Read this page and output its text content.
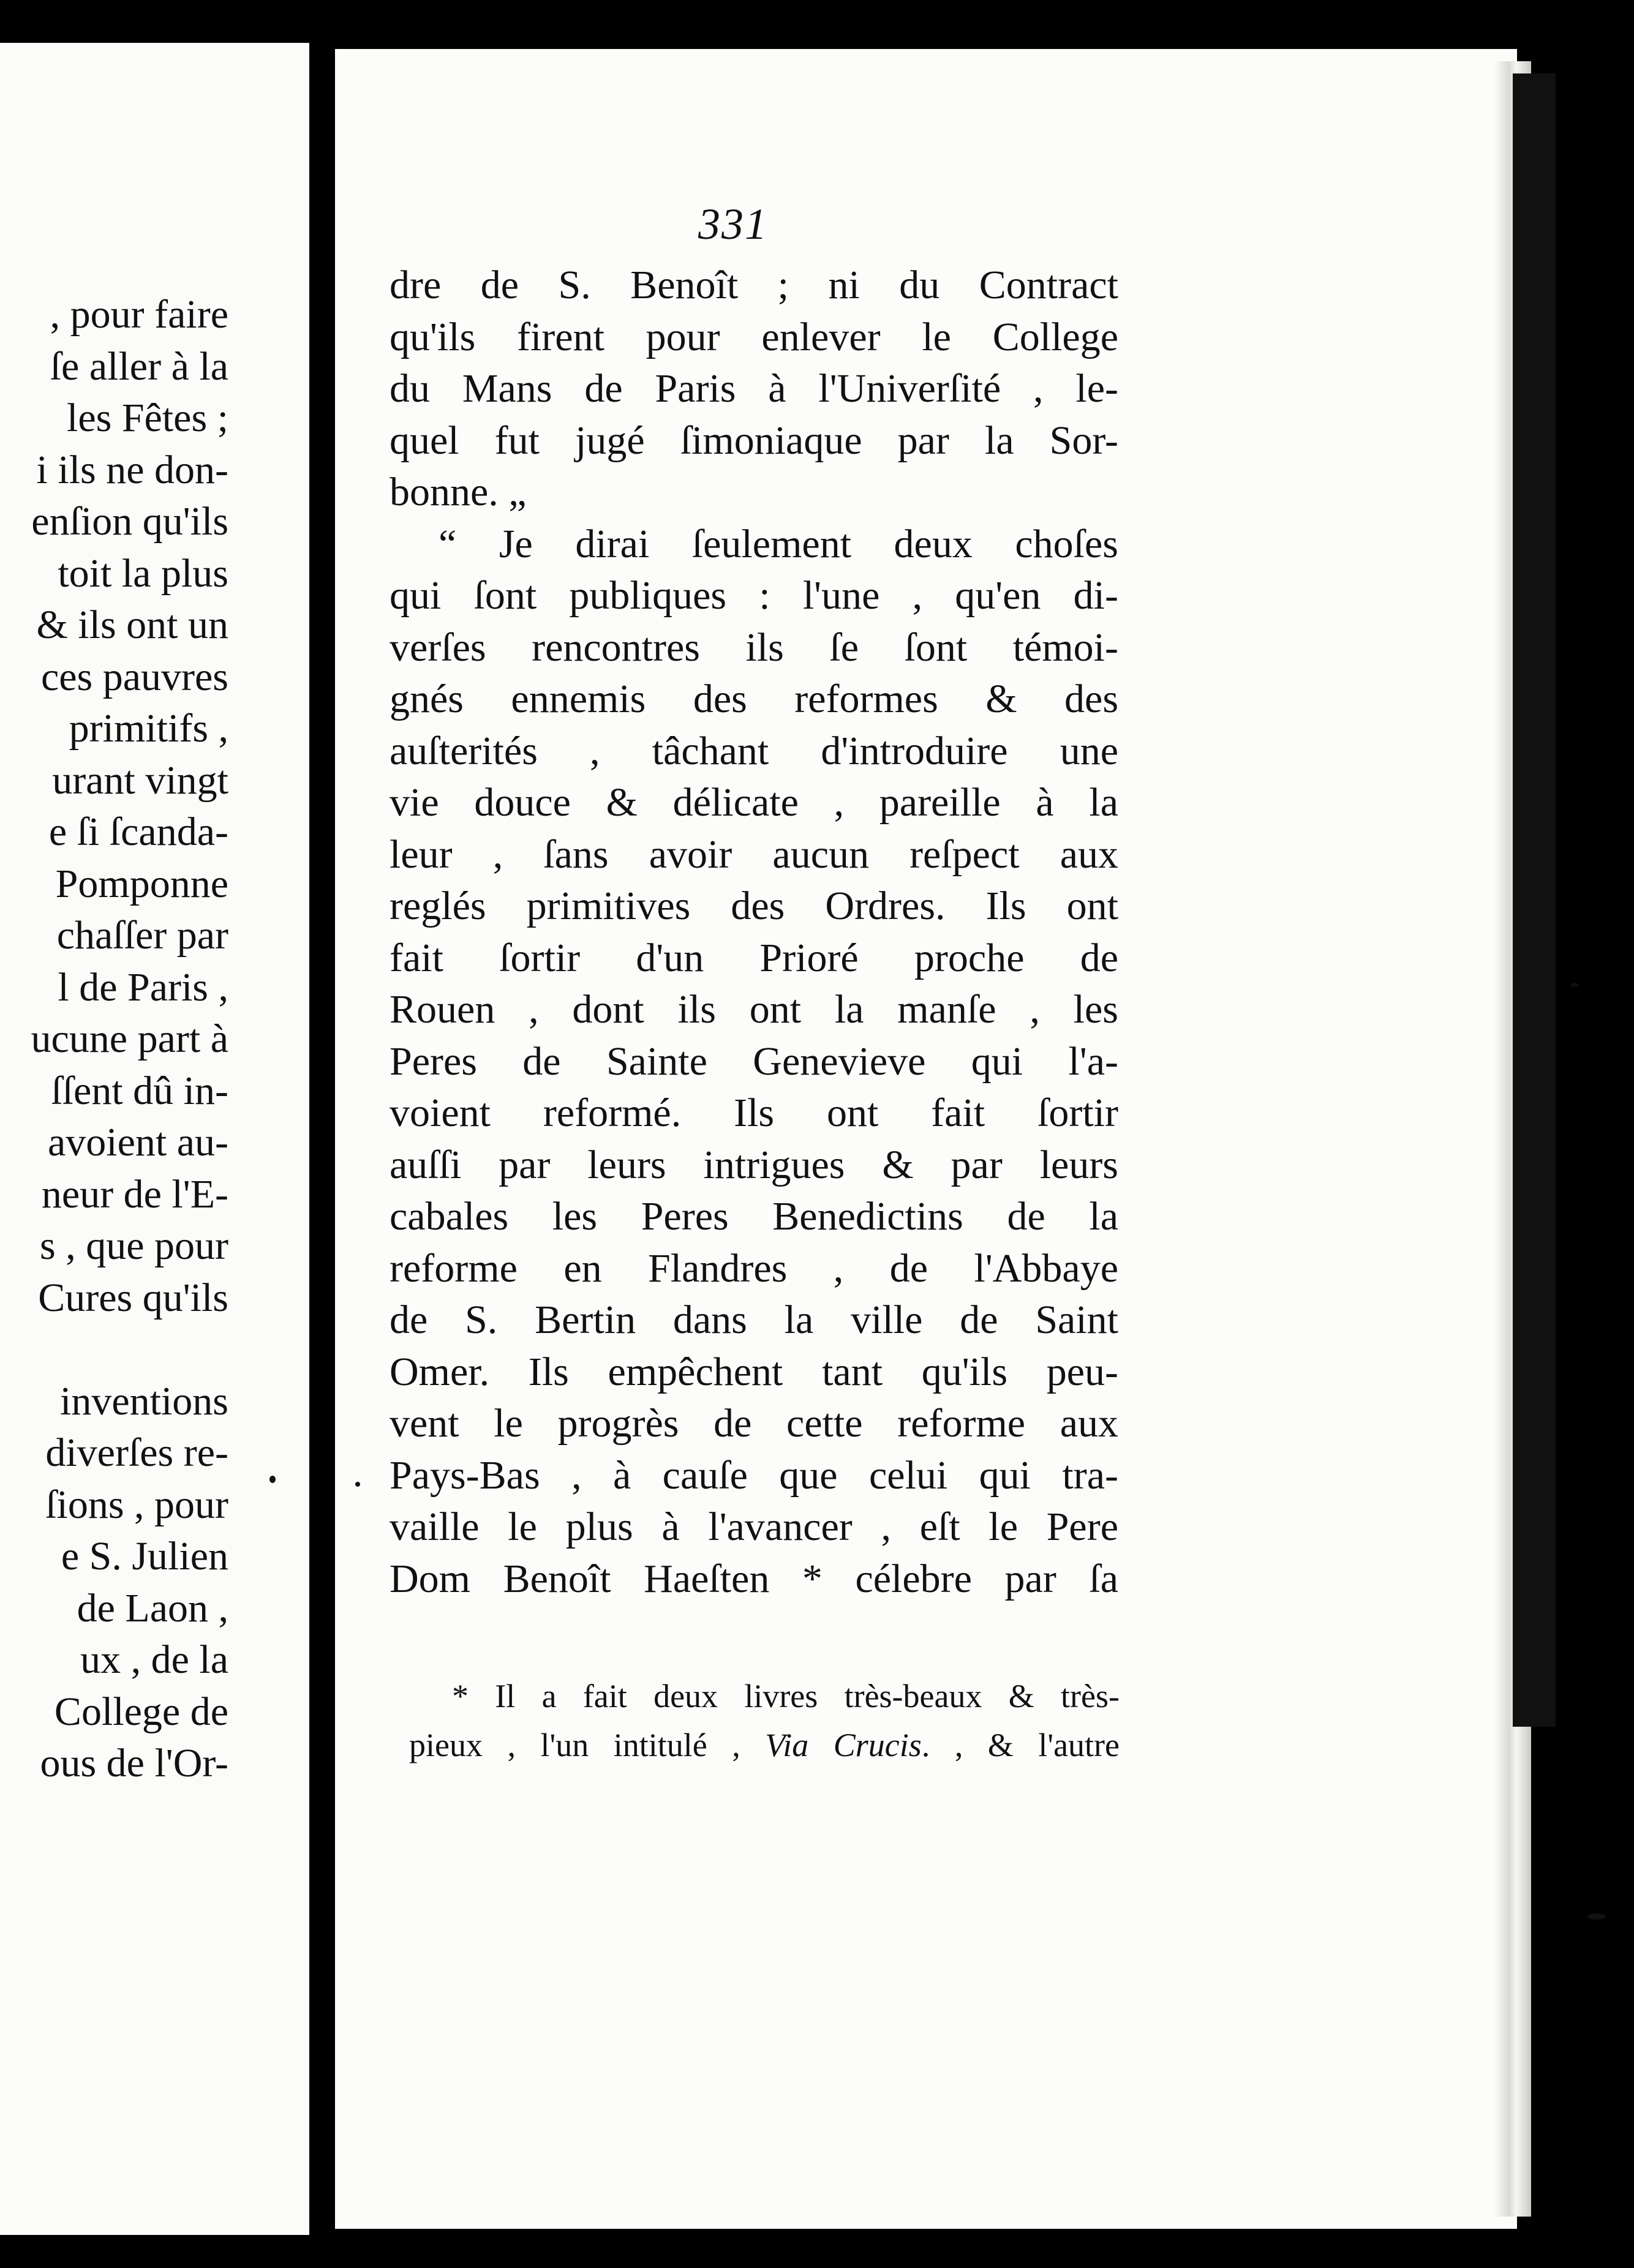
, pour faire
ſe aller à la
les Fêtes ;
i ils ne don-
enſion qu'ils
toit la plus
& ils ont un
ces pauvres
primitifs ,
urant vingt
e ſi ſcanda-
Pomponne
chaſſer par
l de Paris ,
ucune part à
ſſent dû in-
avoient au-
neur de l'E-
s , que pour
Cures qu'ils
inventions
diverſes re-
ſions , pour
e S. Julien
de Laon ,
ux , de la
College de
ous de l'Or-
331
dre de S. Benoît ; ni du Contract
qu'ils firent pour enlever le College
du Mans de Paris à l'Univerſité , le-
quel fut jugé ſimoniaque par la Sor-
bonne. „
“ Je dirai ſeulement deux choſes
qui ſont publiques : l'une , qu'en di-
verſes rencontres ils ſe ſont témoi-
gnés ennemis des reformes & des
auſterités , tâchant d'introduire une
vie douce & délicate , pareille à la
leur , ſans avoir aucun reſpect aux
reglés primitives des Ordres. Ils ont
fait ſortir d'un Prioré proche de
Rouen , dont ils ont la manſe , les
Peres de Sainte Genevieve qui l'a-
voient reformé. Ils ont fait ſortir
auſſi par leurs intrigues & par leurs
cabales les Peres Benedictins de la
reforme en Flandres , de l'Abbaye
de S. Bertin dans la ville de Saint
Omer. Ils empêchent tant qu'ils peu-
vent le progrès de cette reforme aux
Pays-Bas , à cauſe que celui qui tra-
vaille le plus à l'avancer , eſt le Pere
Dom Benoît Haeſten * célebre par ſa
* Il a fait deux livres très-beaux & très-
pieux , l'un intitulé , Via Crucis. , & l'autre
